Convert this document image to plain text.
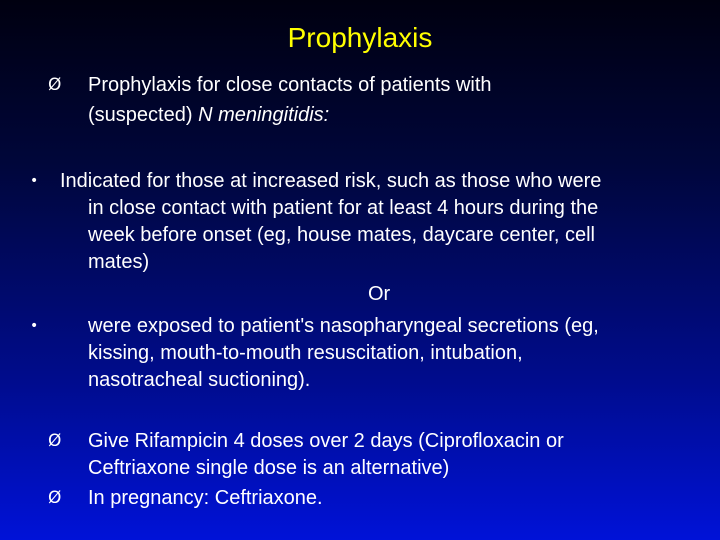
Prophylaxis
Ø Prophylaxis for close contacts of patients with
(suspected) N meningitidis:
• Indicated for those at increased risk, such as those who were
in close contact with patient for at least 4 hours during the
week before onset (eg, house mates, daycare center, cell
mates)
Or
• were exposed to patient's nasopharyngeal secretions (eg,
kissing, mouth-to-mouth resuscitation, intubation,
nasotracheal suctioning).
Ø Give Rifampicin 4 doses over 2 days (Ciprofloxacin or
Ceftriaxone single dose is an alternative)
Ø In pregnancy: Ceftriaxone.
